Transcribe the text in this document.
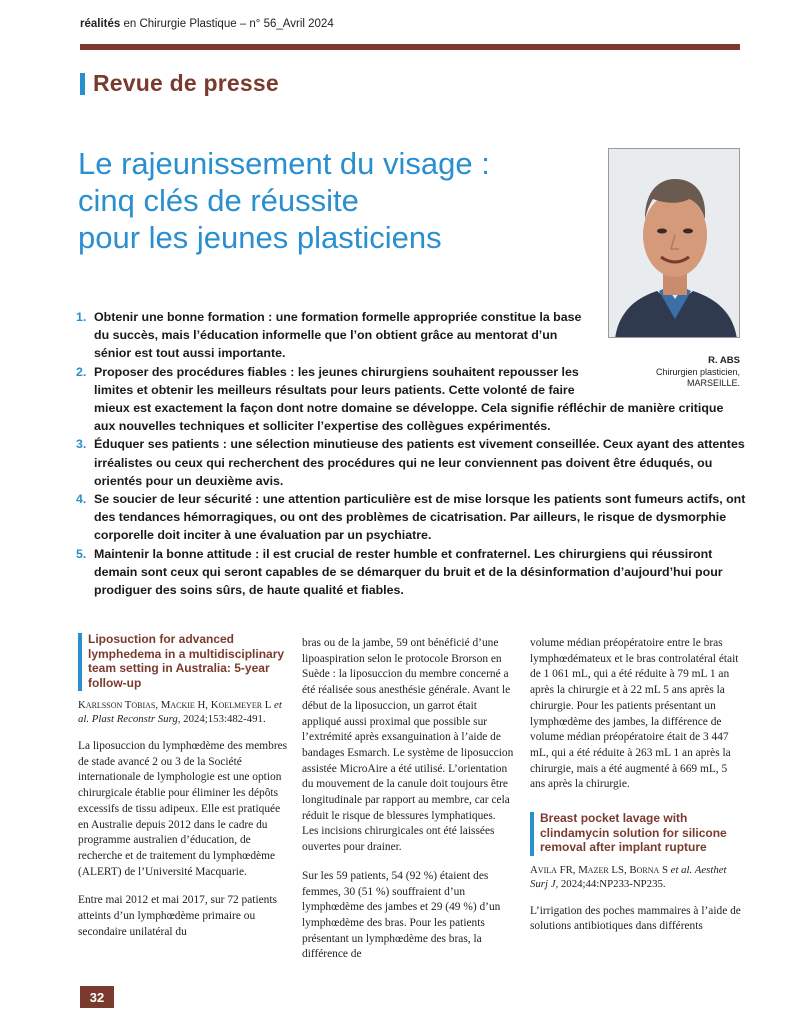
réalités en Chirurgie Plastique – n° 56_Avril 2024
Revue de presse
Le rajeunissement du visage :
cinq clés de réussite
pour les jeunes plasticiens
R. ABS
Chirurgien plasticien,
MARSEILLE.
1. Obtenir une bonne formation : une formation formelle appropriée constitue la base du succès, mais l’éducation informelle que l’on obtient grâce au mentorat d’un sénior est tout aussi importante.
2. Proposer des procédures fiables : les jeunes chirurgiens souhaitent repousser les limites et obtenir les meilleurs résultats pour leurs patients. Cette volonté de faire
mieux est exactement la façon dont notre domaine se développe. Cela signifie réfléchir de manière critique aux nouvelles techniques et solliciter l’expertise des collègues expérimentés.
3. Éduquer ses patients : une sélection minutieuse des patients est vivement conseillée. Ceux ayant des attentes irréalistes ou ceux qui recherchent des procédures qui ne leur conviennent pas doivent être éduqués, ou orientés pour un deuxième avis.
4. Se soucier de leur sécurité : une attention particulière est de mise lorsque les patients sont fumeurs actifs, ont des tendances hémorragiques, ou ont des problèmes de cicatrisation. Par ailleurs, le risque de dysmorphie corporelle doit inciter à une évaluation par un psychiatre.
5. Maintenir la bonne attitude : il est crucial de rester humble et confraternel. Les chirurgiens qui réussiront demain sont ceux qui seront capables de se démarquer du bruit et de la désinformation d’aujourd’hui pour prodiguer des soins sûrs, de haute qualité et fiables.
Liposuction for advanced lymphedema in a multidisciplinary team setting in Australia: 5-year follow-up
Karlsson Tobias, Mackie H, Koelmeyer L et al. Plast Reconstr Surg, 2024;153:482-491.

La liposuccion du lymphœdème des membres de stade avancé 2 ou 3 de la Société internationale de lymphologie est une option chirurgicale établie pour éliminer les dépôts excessifs de tissu adipeux. Elle est pratiquée en Australie depuis 2012 dans le cadre du programme australien d’éducation, de recherche et de traitement du lymphœdème (ALERT) de l’Université Macquarie.

Entre mai 2012 et mai 2017, sur 72 patients atteints d’un lymphœdème primaire ou secondaire unilatéral du

bras ou de la jambe, 59 ont bénéficié d’une lipoaspiration selon le protocole Brorson en Suède : la liposuccion du membre concerné a été réalisée sous anesthésie générale. Avant le début de la liposuccion, un garrot était appliqué aussi proximal que possible sur l’extrémité après exsanguination à l’aide de bandages Esmarch. Le système de liposuccion assistée MicroAire a été utilisé. L’orientation du mouvement de la canule doit toujours être longitudinale par rapport au membre, car cela réduit le risque de blessures lymphatiques. Les incisions chirurgicales ont été laissées ouvertes pour drainer.

Sur les 59 patients, 54 (92 %) étaient des femmes, 30 (51 %) souffraient d’un lymphœdème des jambes et 29 (49 %) d’un lymphœdème des bras. Pour les patients présentant un lymphœdème des bras, la différence de

volume médian préopératoire entre le bras lymphœdémateux et le bras controlatéral était de 1 061 mL, qui a été réduite à 79 mL 1 an après la chirurgie et à 22 mL 5 ans après la chirurgie. Pour les patients présentant un lymphœdème des jambes, la différence de volume médian préopératoire était de 3 447 mL, qui a été réduite à 263 mL 1 an après la chirurgie, mais a été augmenté à 669 mL, 5 ans après la chirurgie.

Breast pocket lavage with clindamycin solution for silicone removal after implant rupture
Avila FR, Mazer LS, Borna S et al. Aesthet Surj J, 2024;44:NP233-NP235.

L’irrigation des poches mammaires à l’aide de solutions antibiotiques dans différents

32
